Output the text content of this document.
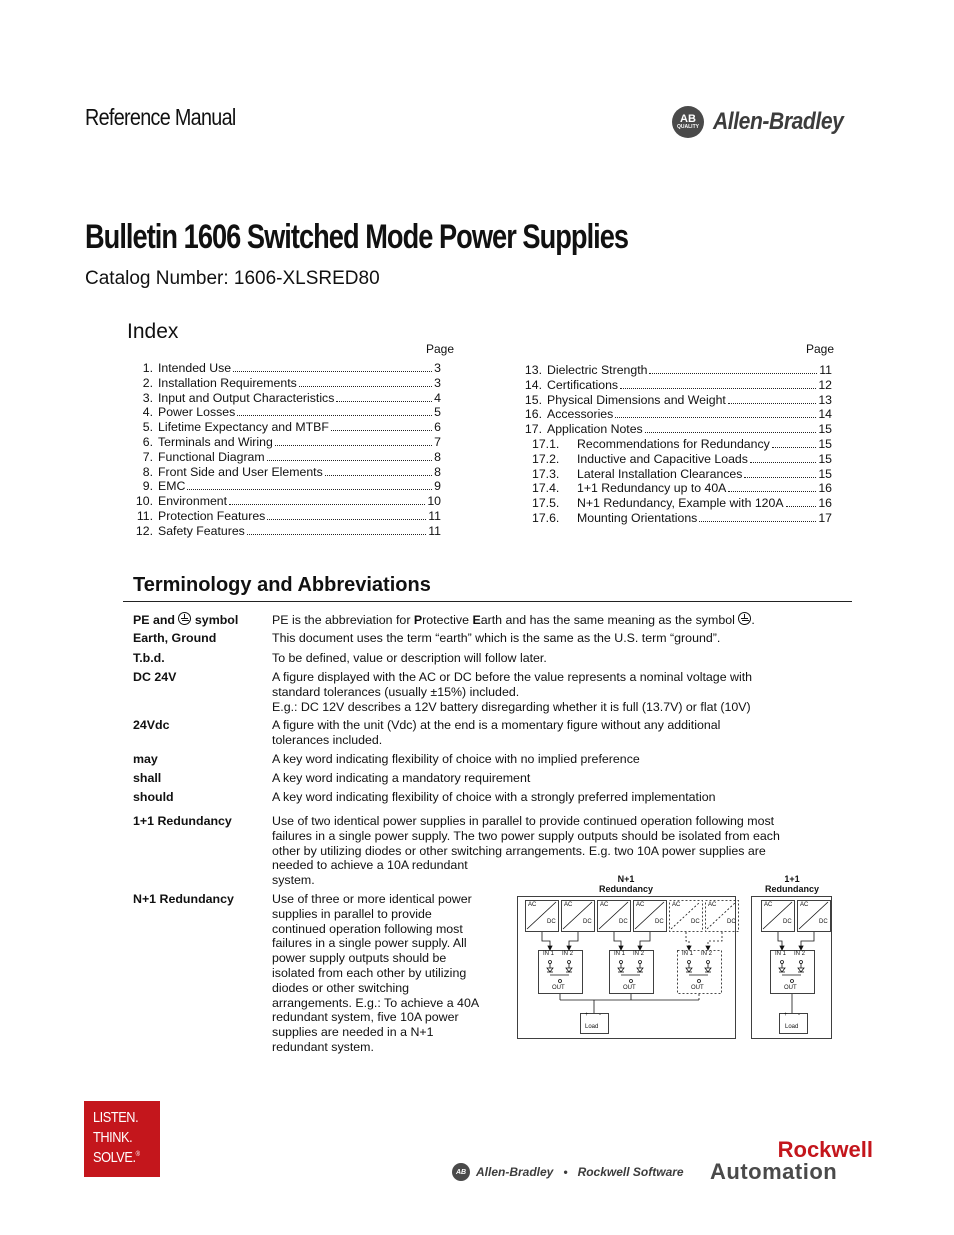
Reference Manual	AB
QUALITY Allen-Bradley
Bulletin 1606 Switched Mode Power Supplies
Catalog Number: 1606-XLSRED80
Index
Page	Page
1. Intended Use	3
2. Installation Requirements	3
3. Input and Output Characteristics	4
4. Power Losses	5
5. Lifetime Expectancy and MTBF	6
6. Terminals and Wiring	7
7. Functional Diagram	8
8. Front Side and User Elements	8
9. EMC	9
10. Environment	10
11. Protection Features	11
12. Safety Features	11
13. Dielectric Strength	11
14. Certifications	12
15. Physical Dimensions and Weight	13
16. Accessories	14
17. Application Notes	15
17.1.	Recommendations for Redundancy	15
17.2.	Inductive and Capacitive Loads	15
17.3.	Lateral Installation Clearances	15
17.4.	1+1 Redundancy up to 40A	16
17.5.	N+1 Redundancy, Example with 120A	16
17.6.	Mounting Orientations	17
Terminology and Abbreviations
PE and symbol	PE is the abbreviation for Protective Earth and has the same meaning as the symbol .
Earth, Ground	This document uses the term “earth” which is the same as the U.S. term “ground”.
T.b.d.	To be defined, value or description will follow later.
DC 24V	A figure displayed with the AC or DC before the value represents a nominal voltage with
standard tolerances (usually ±15%) included.
E.g.: DC 12V describes a 12V battery disregarding whether it is full (13.7V) or flat (10V)
24Vdc	A figure with the unit (Vdc) at the end is a momentary figure without any additional
tolerances included.
may	A key word indicating flexibility of choice with no implied preference
shall	A key word indicating a mandatory requirement
should	A key word indicating flexibility of choice with a strongly preferred implementation
1+1 Redundancy	Use of two identical power supplies in parallel to provide continued operation following most
failures in a single power supply. The two power supply outputs should be isolated from each
other by utilizing diodes or other switching arrangements. E.g. two 10A power supplies are
needed to achieve a 10A redundant
system.
N+1 Redundancy	Use of three or more identical power
supplies in parallel to provide
continued operation following most
failures in a single power supply. All
power supply outputs should be
isolated from each other by utilizing
diodes or other switching
arrangements. E.g.: To achieve a 40A
redundant system, five 10A power
supplies are needed in a N+1
redundant system.
N+1
Redundancy
1+1
Redundancy
AC
DC
AC
DC
IN 1 IN 2
OUT
AC
DC
AC
DC
IN 1 IN 2
OUT
AC
DC
AC
DC
IN 1 IN 2
OUT
+ -
Load
AC
DC
AC
DC
IN 1 IN 2
OUT
+ -
Load
LISTEN.
THINK.
SOLVE.®
AB Allen-Bradley • Rockwell Software
Rockwell
Automation
